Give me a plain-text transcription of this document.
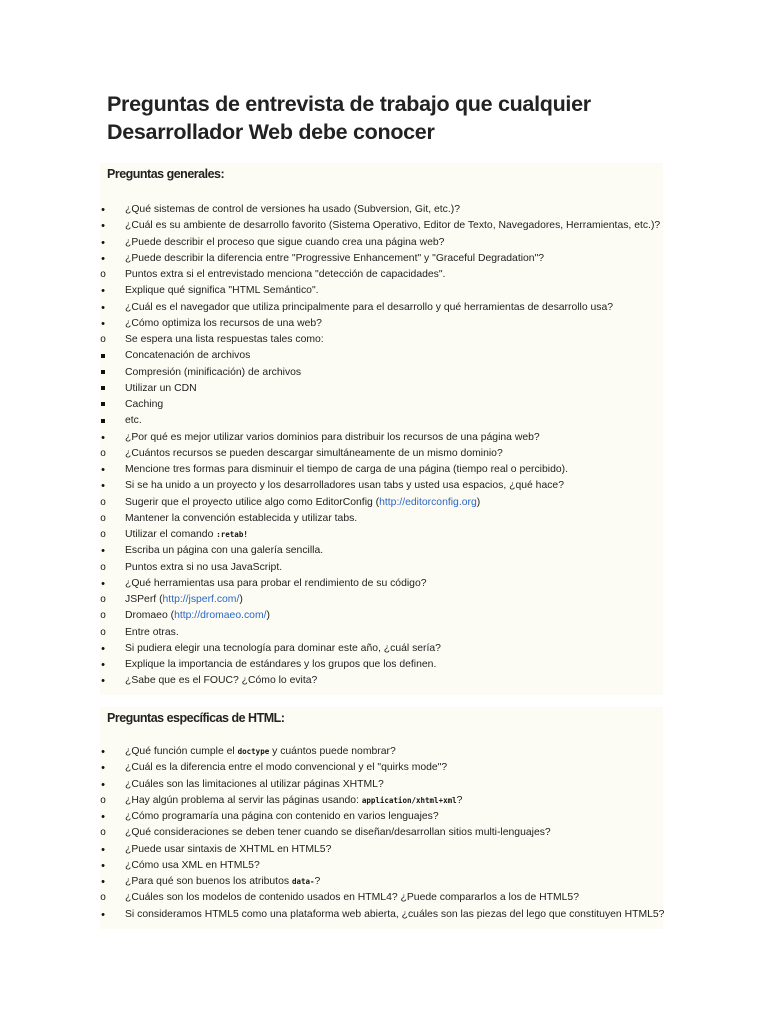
Preguntas de entrevista de trabajo que cualquier Desarrollador Web debe conocer
Preguntas generales:
•
¿Qué sistemas de control de versiones ha usado (Subversion, Git, etc.)?
•
¿Cuál es su ambiente de desarrollo favorito (Sistema Operativo, Editor de Texto, Navegadores, Herramientas, etc.)?
•
¿Puede describir el proceso que sigue cuando crea una página web?
•
¿Puede describir la diferencia entre "Progressive Enhancement" y "Graceful Degradation"?
o
Puntos extra si el entrevistado menciona "detección de capacidades".
•
Explique qué significa "HTML Semántico".
•
¿Cuál es el navegador que utiliza principalmente para el desarrollo y qué herramientas de desarrollo usa?
•
¿Cómo optimiza los recursos de una web?
o
Se espera una lista respuestas tales como:
Concatenación de archivos
Compresión (minificación) de archivos
Utilizar un CDN
Caching
etc.
•
¿Por qué es mejor utilizar varios dominios para distribuir los recursos de una página web?
o
¿Cuántos recursos se pueden descargar simultáneamente de un mismo dominio?
•
Mencione tres formas para disminuir el tiempo de carga de una página (tiempo real o percibido).
•
Si se ha unido a un proyecto y los desarrolladores usan tabs y usted usa espacios, ¿qué hace?
o
Sugerir que el proyecto utilice algo como EditorConfig (http://editorconfig.org)
o
Mantener la convención establecida y utilizar tabs.
o
Utilizar el comando :retab!
•
Escriba un página con una galería sencilla.
o
Puntos extra si no usa JavaScript.
•
¿Qué herramientas usa para probar el rendimiento de su código?
o
JSPerf (http://jsperf.com/)
o
Dromaeo (http://dromaeo.com/)
o
Entre otras.
•
Si pudiera elegir una tecnología para dominar este año, ¿cuál sería?
•
Explique la importancia de estándares y los grupos que los definen.
•
¿Sabe que es el FOUC? ¿Cómo lo evita?
Preguntas específicas de HTML:
•
¿Qué función cumple el doctype y cuántos puede nombrar?
•
¿Cuál es la diferencia entre el modo convencional y el "quirks mode"?
•
¿Cuáles son las limitaciones al utilizar páginas XHTML?
o
¿Hay algún problema al servir las páginas usando: application/xhtml+xml?
•
¿Cómo programaría una página con contenido en varios lenguajes?
o
¿Qué consideraciones se deben tener cuando se diseñan/desarrollan sitios multi-lenguajes?
•
¿Puede usar sintaxis de XHTML en HTML5?
•
¿Cómo usa XML en HTML5?
•
¿Para qué son buenos los atributos data-?
o
¿Cuáles son los modelos de contenido usados en HTML4? ¿Puede compararlos a los de HTML5?
•
Si consideramos HTML5 como una plataforma web abierta, ¿cuáles son las piezas del lego que constituyen HTML5?
